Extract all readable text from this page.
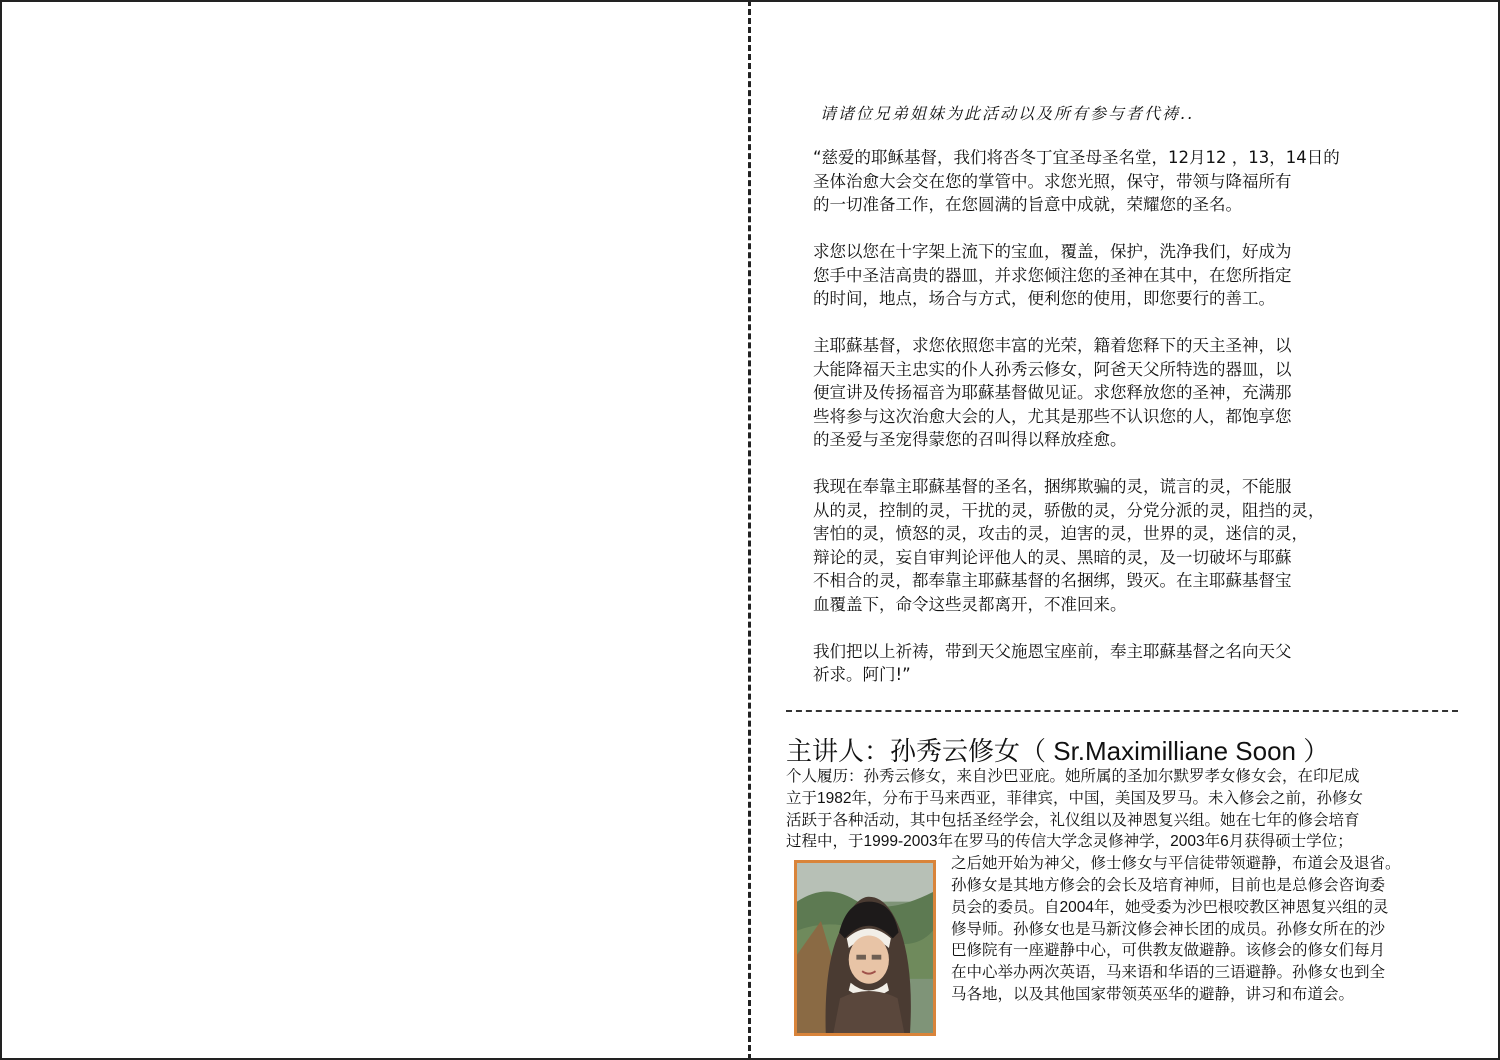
请诸位兄弟姐妹为此活动以及所有参与者代祷..

“慈爱的耶稣基督，我们将呇冬丁宜圣母圣名堂，12月12 ，13，14日的
圣体治愈大会交在您的掌管中。求您光照，保守，带领与降福所有
的一切准备工作，在您圆满的旨意中成就，荣耀您的圣名。

求您以您在十字架上流下的宝血，覆盖，保护，洗净我们，好成为
您手中圣洁高贵的器皿，并求您倾注您的圣神在其中，在您所指定
的时间，地点，场合与方式，便利您的使用，即您要行的善工。

主耶蘇基督，求您依照您丰富的光荣，籍着您释下的天主圣神，以
大能降福天主忠实的仆人孙秀云修女，阿爸天父所特选的器皿，以
便宣讲及传扬福音为耶蘇基督做见证。求您释放您的圣神，充满那
些将参与这次治愈大会的人，尤其是那些不认识您的人，都饱享您
的圣爱与圣宠得蒙您的召叫得以释放痊愈。

我现在奉靠主耶蘇基督的圣名，捆绑欺骗的灵，谎言的灵，不能服
从的灵，控制的灵，干扰的灵，骄傲的灵，分党分派的灵，阻挡的灵，
害怕的灵，愤怒的灵，攻击的灵，迫害的灵，世界的灵，迷信的灵，
辩论的灵，妄自审判论评他人的灵、黑暗的灵，及一切破坏与耶蘇
不相合的灵，都奉靠主耶蘇基督的名捆绑，毁灭。在主耶蘇基督宝
血覆盖下，命令这些灵都离开，不准回来。

我们把以上祈祷，带到天父施恩宝座前，奉主耶蘇基督之名向天父
祈求。阿门!”

主讲人：孙秀云修女（ Sr.Maximilliane Soon ）
个人履历：孙秀云修女，来自沙巴亚庇。她所属的圣加尔默罗孝女修女会，在印尼成
立于1982年，分布于马来西亚，菲律宾，中国，美国及罗马。未入修会之前，孙修女
活跃于各种活动，其中包括圣经学会，礼仪组以及神恩复兴组。她在七年的修会培育
过程中，于1999-2003年在罗马的传信大学念灵修神学，2003年6月获得硕士学位；
之后她开始为神父，修士修女与平信徒带领避静，布道会及退省。
孙修女是其地方修会的会长及培育神师，目前也是总修会咨询委
员会的委员。自2004年，她受委为沙巴根咬教区神恩复兴组的灵
修导师。孙修女也是马新汶修会神长团的成员。孙修女所在的沙
巴修院有一座避静中心，可供教友做避静。该修会的修女们每月
在中心举办两次英语，马来语和华语的三语避静。孙修女也到全
马各地，以及其他国家带领英巫华的避静，讲习和布道会。
